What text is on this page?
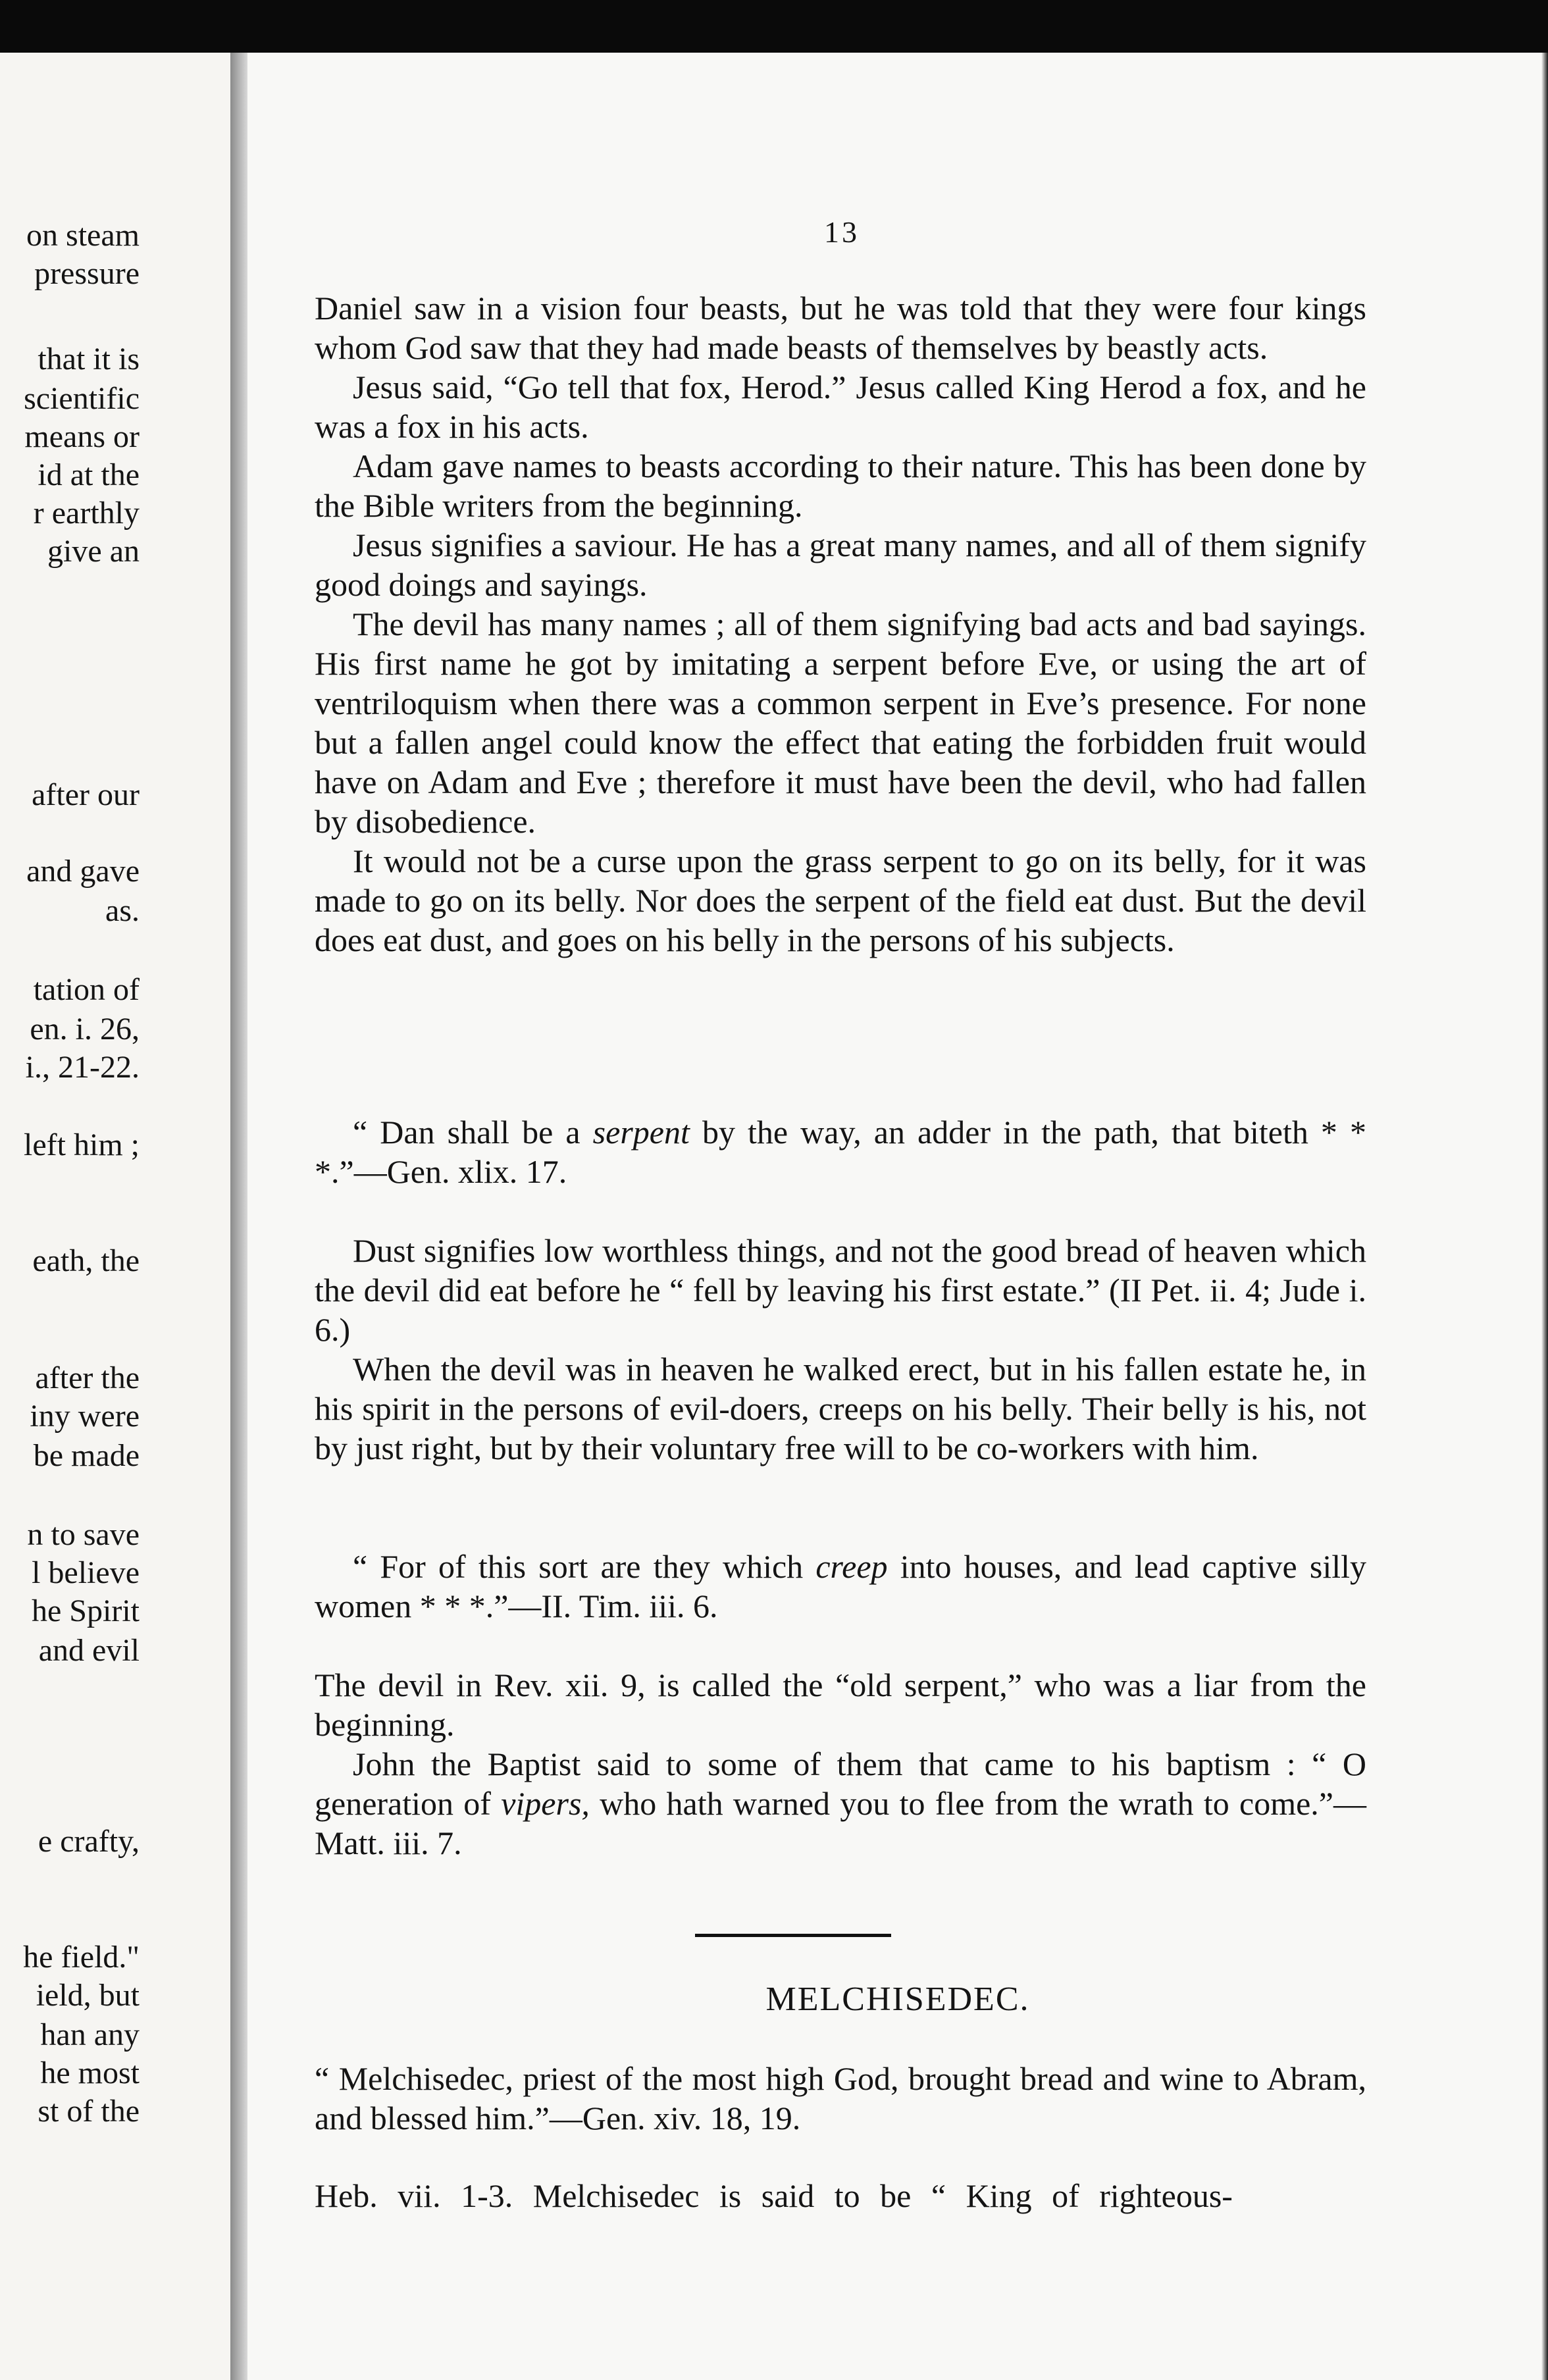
on steam
pressure
that it is
scientific
means or
id at the
r earthly
give an
after our
and gave
as.
tation of
en. i. 26,
i., 21-22.
left him ;
eath, the
after the
iny were
be made
n to save
l believe
he Spirit
and evil
e crafty,
he field."
ield, but
han any
he most
st of the
13

Daniel saw in a vision four beasts, but he was told that they were four kings whom God saw that they had made beasts of themselves by beastly acts.

Jesus said, “Go tell that fox, Herod.” Jesus called King Herod a fox, and he was a fox in his acts.

Adam gave names to beasts according to their nature. This has been done by the Bible writers from the beginning.

Jesus signifies a saviour. He has a great many names, and all of them signify good doings and sayings.

The devil has many names ; all of them signifying bad acts and bad sayings. His first name he got by imitating a serpent before Eve, or using the art of ventriloquism when there was a common serpent in Eve’s presence. For none but a fallen angel could know the effect that eating the forbidden fruit would have on Adam and Eve ; therefore it must have been the devil, who had fallen by disobedience.

It would not be a curse upon the grass serpent to go on its belly, for it was made to go on its belly. Nor does the serpent of the field eat dust. But the devil does eat dust, and goes on his belly in the persons of his subjects.

“ Dan shall be a serpent by the way, an adder in the path, that biteth * * *.”—Gen. xlix. 17.

Dust signifies low worthless things, and not the good bread of heaven which the devil did eat before he “ fell by leaving his first estate.” (II Pet. ii. 4; Jude i. 6.)

When the devil was in heaven he walked erect, but in his fallen estate he, in his spirit in the persons of evil-doers, creeps on his belly. Their belly is his, not by just right, but by their voluntary free will to be co-workers with him.

“ For of this sort are they which creep into houses, and lead captive silly women * * *.”—II. Tim. iii. 6.

The devil in Rev. xii. 9, is called the “old serpent,” who was a liar from the beginning.

John the Baptist said to some of them that came to his baptism : “ O generation of vipers, who hath warned you to flee from the wrath to come.”—Matt. iii. 7.

MELCHISEDEC.

“ Melchisedec, priest of the most high God, brought bread and wine to Abram, and blessed him.”—Gen. xiv. 18, 19.

Heb. vii. 1-3. Melchisedec is said to be “ King of righteous-
